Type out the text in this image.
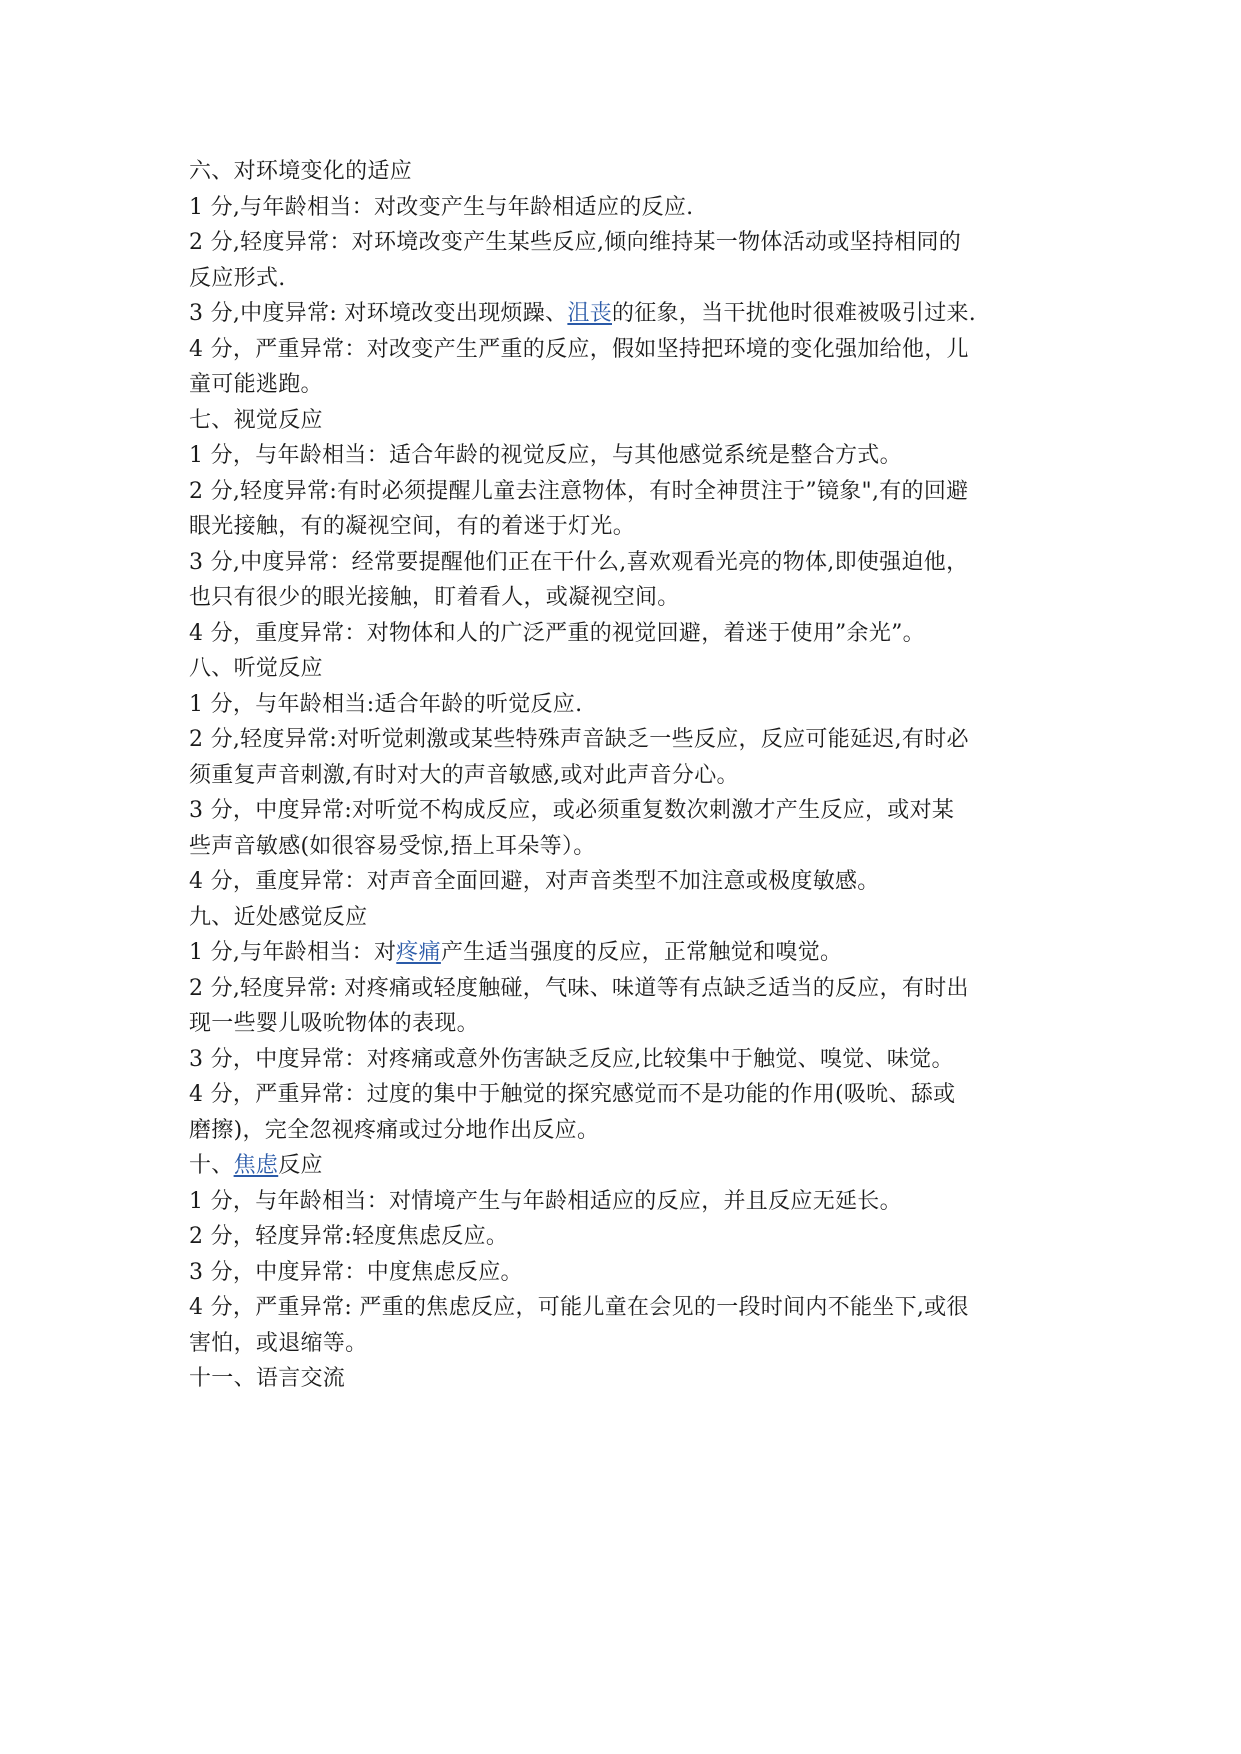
六、对环境变化的适应
1 分,与年龄相当：对改变产生与年龄相适应的反应.
2 分,轻度异常：对环境改变产生某些反应,倾向维持某一物体活动或坚持相同的
反应形式.
3 分,中度异常: 对环境改变出现烦躁、沮丧的征象，当干扰他时很难被吸引过来.
4 分，严重异常：对改变产生严重的反应，假如坚持把环境的变化强加给他，儿
童可能逃跑。
七、视觉反应
1 分，与年龄相当：适合年龄的视觉反应，与其他感觉系统是整合方式。
2 分,轻度异常:有时必须提醒儿童去注意物体，有时全神贯注于”镜象",有的回避
眼光接触，有的凝视空间，有的着迷于灯光。
3 分,中度异常：经常要提醒他们正在干什么,喜欢观看光亮的物体,即使强迫他，
也只有很少的眼光接触，盯着看人，或凝视空间。
4 分，重度异常：对物体和人的广泛严重的视觉回避，着迷于使用”余光”。
八、听觉反应
1 分，与年龄相当:适合年龄的听觉反应.
2 分,轻度异常:对听觉刺激或某些特殊声音缺乏一些反应，反应可能延迟,有时必
须重复声音刺激,有时对大的声音敏感,或对此声音分心。
3 分，中度异常:对听觉不构成反应，或必须重复数次刺激才产生反应，或对某
些声音敏感(如很容易受惊,捂上耳朵等）。
4 分，重度异常：对声音全面回避，对声音类型不加注意或极度敏感。
九、近处感觉反应
1 分,与年龄相当：对疼痛产生适当强度的反应，正常触觉和嗅觉。
2 分,轻度异常: 对疼痛或轻度触碰，气味、味道等有点缺乏适当的反应，有时出
现一些婴儿吸吮物体的表现。
3 分，中度异常：对疼痛或意外伤害缺乏反应,比较集中于触觉、嗅觉、味觉。
4 分，严重异常：过度的集中于触觉的探究感觉而不是功能的作用(吸吮、舔或
磨擦)，完全忽视疼痛或过分地作出反应。
十、焦虑反应
1 分，与年龄相当：对情境产生与年龄相适应的反应，并且反应无延长。
2 分，轻度异常:轻度焦虑反应。
3 分，中度异常：中度焦虑反应。
4 分，严重异常: 严重的焦虑反应，可能儿童在会见的一段时间内不能坐下,或很
害怕，或退缩等。
十一、语言交流
